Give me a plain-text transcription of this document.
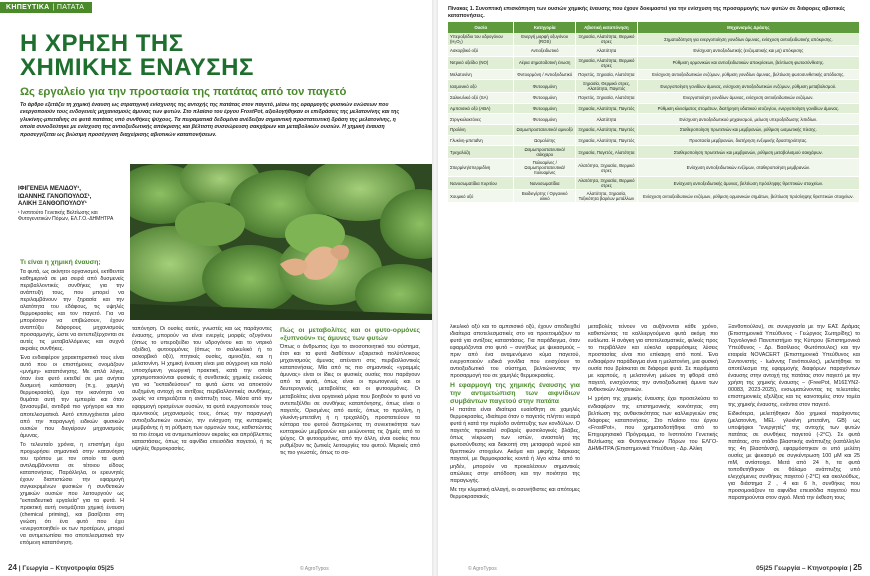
ΚΗΠΕΥΤΙΚΑ | ΠΑΤΑΤΑ
Η ΧΡΗΣΗ ΤΗΣ
ΧΗΜΙΚΗΣ ΕΝΑΥΣΗΣ
Ως εργαλείο για την προστασία της πατάτας από τον παγετό
Το άρθρο εξετάζει τη χημική έναυση ως στρατηγική ενίσχυσης της αντοχής της πατάτας στον παγετό, μέσω της εφαρμογής φυσικών ενώσεων που ενεργοποιούν τους ενδογενείς μηχανισμούς άμυνας των φυτών. Στο πλαίσιο του έργου FrostPot, αξιολογήθηκαν οι επιδράσεις της μελατονίνης και της γλυκίνης-μπεταΐνης σε φυτά πατάτας υπό συνθήκες ψύχους. Τα πειραματικά δεδομένα ανέδειξαν σημαντική προστατευτική δράση της μελατονίνης, η οποία συνοδεύτηκε με ενίσχυση της αντιοξειδωτικής απόκρισης και βέλτιστη συσσώρευση σακχάρων και μεταβολικών ουσιών. Η χημική έναυση προσεγγίζεται ως βιώσιμη προσέγγιση διαχείρισης αβιοτικών καταπονήσεων.
ΙΦΙΓΕΝΕΙΑ ΜΕΛΙΔΟΥ¹,
ΙΩΑΝΝΗΣ ΓΑΝΟΠΟΥΛΟΣ¹,
ΑΛΙΚΗ ΞΑΝΘΟΠΟΥΛΟΥ¹
¹ Ινστιτούτο Γενετικής Βελτίωσης και Φυτογενετικών Πόρων, ΕΛ.Γ.Ο.-ΔΗΜΗΤΡΑ
Τι είναι η χημική έναυση;

Τα φυτά, ως ακίνητοι οργανισμοί, εκτίθενται καθημερινά σε μια σειρά από δυσμενείς περιβαλλοντικές συνθήκες για την ανάπτυξή τους, που μπορεί να περιλαμβάνουν την ξηρασία και την αλατότητα του εδάφους, τις υψηλές θερμοκρασίες και τον παγετό. Για να μπορέσουν να επιβιώσουν, έχουν αναπτύξει διάφορους μηχανισμούς προσαρμογής, ώστε να αντεπεξέρχονται σε αυτές τις μεταβαλλόμενες και συχνά ακραίες συνθήκες.

Ένα ενδιαφέρον χαρακτηριστικό τους είναι αυτό που οι επιστήμονες ονομάζουν «μνήμη» καταπόνησης. Με απλά λόγια, όταν ένα φυτό εκτεθεί σε μια ανήπια δυσμενή κατάσταση (π.χ. χαμηλή θερμοκρασία), έχει την ικανότητα να θυμάται αυτή την εμπειρία και όταν ξανασυμβεί, αντιδρά πιο γρήγορα και πιο αποτελεσματικά. Αυτό επιτυγχάνεται μέσα από την παραγωγή ειδικών φυσικών ουσιών που διεγείρουν μηχανισμούς άμυνας.

Το τελευταίο χρόνια, η επιστήμη έχει προχωρήσει σημαντικά στην κατανόηση του τρόπου με τον οποίο τα φυτά αντιλαμβάνονται σε τέτοιου είδους καταπονήσεις. Παράλληλα, οι ερευνητές έχουν διαπιστώσει την εφαρμογή συγκεκριμένων φυσικών ή συνθετικών χημικών ουσιών που λειτουργούν ως "εκπαιδευτικά εργαλεία" για τα φυτά. Η πρακτική αυτή ονομάζεται χημική έναυση (chemical priming), και βασίζεται στη γνώση ότι ένα φυτό που έχει «ενεργοποιηθεί» εκ των προτέρων, μπορεί να αντιμετωπίσει πιο αποτελεσματικά την επόμενη καταπόνηση.

ταπόνηση. Οι ουσίες αυτές, γνωστές και ως παράγοντες έναυσης, μπορούν να είναι ενεργές μορφές οξυγόνου (όπως το υπεροξείδιο του υδρογόνου και το νιτρικό οξείδιο), φυτοορμόνες (όπως το σαλικυλικό ή το ασκορβικό οξύ), πτητικές ουσίες, αμινοξέα, και η μελατονίνη. Η χημική έναυση είναι μια σύγχρονη και πολύ υποσχόμενη γεωργική πρακτική, κατά την οποία χρησιμοποιούνται φυσικές ή συνθετικές χημικές ενώσεις για να "εκπαιδεύσουν" τα φυτά ώστε να αποκτούν αυξημένη αντοχή σε αντίξοες περιβαλλοντικές συνθήκες, χωρίς να επηρεάζεται η ανάπτυξη τους. Μέσα από την εφαρμογή ορισμένων ουσιών, τα φυτά ενεργοποιούν τους αμυντικούς μηχανισμούς τους, όπως την παραγωγή αντιοξειδωτικών ουσιών, την ενίσχυση της κυτταρικής μεμβράνης ή τη ρύθμιση των ορμονών τους, καθιστώντας τα πιο έτοιμα να αντιμετωπίσουν ακραίες και απρόβλεπτες καταστάσεις, όπως τα αφνίδια επεισόδια παγετού, ή τις υψηλές θερμοκρασίες.

Πώς οι μεταβολίτες και οι φυτο-ορμόνες «ξυπνούν» τις άμυνες των φυτών

Όπως ο άνθρωπος έχει το ανοσοποιητικό του σύστημα, έτσι και τα φυτά διαθέτουν εξαιρετικά πολύπλοκους μηχανισμούς άμυνας απέναντι στις περιβαλλοντικές καταπονήσεις. Μία από τις πιο σημαντικές «γραμμές άμυνας» είναι οι ίδιες οι φυσικές ουσίες που παράγουν από τα φυτά, όπως είναι οι πρωτογενείς και οι δευτερογενείς μεταβολίτες και οι φυτοορμόνες. Οι μεταβολίτες είναι οργανικά μόρια που βοηθούν το φυτό να αντεπεξέλθει σε συνθήκες καταπόνησης, όπως είναι ο παγετός. Ορισμένες από αυτές, όπως το προλίνη, η γλυκίνη-μπεταΐνη ή η τρεχαλόζη, προστατεύουν τα κύτταρα του φυτού διατηρώντας τη συνεκτικότητα των κυτταρικών μεμβρανών και μειώνοντας τις ζημιές από το ψύχος. Οι φυτοορμόνες, από την άλλη, είναι ουσίες που ρυθμίζουν τις ζωτικές λειτουργίες του φυτού. Μερικές από τις πιο γνωστές, όπως το σα-

24 | Γεωργία – Κτηνοτροφία 05|25	© AgroTypos
Πίνακας 1. Συνοπτική επισκόπηση των ουσιών χημικής έναυσης που έχουν δοκιμαστεί για την ενίσχυση της προσαρμογής των φυτών σε διάφορες αβιοτικές καταπονήσεις.
Ουσία	Κατηγορία	Αβιοτική καταπόνηση	Μηχανισμός Δράσης
Υπεροξείδιο του υδρογόνου (H₂O₂)	Ενεργή μορφή οξυγόνου (ROS)	Ξηρασία, Αλατότητα, Θερμικό στρες	Σηματοδότηση για ενεργοποίηση γονιδίων άμυνας, ενίσχυση αντιοξειδωτικής απόκρισης.
Ασκορβικό οξύ	Αντιοξειδωτικό	Αλατότητα	Ενίσχυση αντιοξειδωτικής (ενζυματικής και μη) απόκρισης
Νιτρικό οξείδιο (NO)	Αέρια σηματοδοτική ένωση	Ξηρασία, Αλατότητα, Θερμικό στρες	Ρύθμιση ορμονικών και αντιοξειδωτικών αποκρίσεων, βελτίωση φωτοσύνθεσης.
Μελατονίνη	Φυτοορμόνη / Αντιοξειδωτικό	Παγετός, Ξηρασία, Αλατότητα	Ενίσχυση αντιοξειδωτικών ενζύμων, ρύθμιση γονιδίων άμυνας, βελτίωση φωτοσυνθετικής απόδοσης.
Ιασμονικό οξύ	Φυτοορμόνη	Ξηρασία, Θερμικό στρες, Αλατότητα, Παγετός	Ενεργοποίηση γονιδίων άμυνας, ενίσχυση αντιοξειδωτικών ενζύμων, ρύθμιση μεταβολισμού.
Σαλικυλικό οξύ (SA)	Φυτοορμόνη	Παγετός, Ξηρασία, Αλατότητα	Ενεργοποίηση γονιδίων άμυνας, ενίσχυση αντιοξειδωτικών ενζύμων.
Αμπσισικό οξύ (ABA)	Φυτοορμόνη	Ξηρασία, Αλατότητα, Παγετός	Ρύθμιση κλεισίματος στομάτων, διατήρηση υδατικού ισοζυγίου, ενεργοποίηση γονιδίων άμυνας.
Στριγκολακτόνες	Φυτοορμόνη	Αλατότητα	Ενίσχυση αντιοξειδωτικού μηχανισμού, μείωση υπεροξείδωσης λιπιδίων.
Προλίνη	Ωσμωπροστατευτικό/ αμινοξύ	Ξηρασία, Αλατότητα, Παγετός	Σταθεροποίηση πρωτεϊνών και μεμβρανών, ρύθμιση ωσμωτικής πίεσης.
Γλυκίνη-μπεταΐνη	Ωσμολύτης	Ξηρασία, Αλατότητα, Παγετός	Προστασία μεμβρανών, διατήρηση ενζυμικής δραστηριότητας.
Τρεχαλόζη	Ωσμωπροστατευτικό/σάκχαρο	Ξηρασία, Παγετός, Αλατότητα	Σταθεροποίηση πρωτεϊνών και μεμβρανών, ρύθμιση μεταβολισμού σακχάρων.
Σπερμίνη/σπερμιδίνη	Πολυαμίνες / Ωσμωπροστατευτικά/πολυαμίνες	Αλατότητα, Ξηρασία, Θερμικό στρες	Ενίσχυση αντιοξειδωτικών ενζύμων, σταθεροποίηση μεμβρανών.
Νανοσωματίδια πυριτίου	Νανοσωματίδια	Αλατότητα, Ξηρασία, Θερμικό στρες	Ενίσχυση αντιοξειδωτικής άμυνας, βελτίωση πρόσληψης θρεπτικών στοιχείων.
Χουμικό οξύ	Βιοδιεγέρτης / Οργανικό υλικό	Αλατότητα, Ξηρασία, Τοξικότητα βαρέων μετάλλων	Ενίσχυση αντιοξειδωτικών ενζύμων, ρύθμιση ορμονικών σημάτων, βελτίωση πρόσληψης θρεπτικών στοιχείων.

λικυλικό οξύ και το αμπσισικό οξύ, έχουν αποδειχθεί ιδιαίτερα αποτελεσματικές στο να προετοιμάζουν τα φυτά για αντίξοες καταστάσεις. Για παράδειγμα, όταν εφαρμόζονται στο φυτό – συνήθως με ψεκασμούς – πριν από ένα αναμενόμενο κύμα παγετού, ενεργοποιούν ειδικά γονίδια που ενισχύουν το αντιοξειδωτικό του σύστημα, βελτιώνοντας την προσαρμογή του σε χαμηλές θερμοκρασίες.

Η εφαρμογή της χημικής έναυσης για την αντιμετώπιση των αιφνίδιων συμβάντων παγετού στην πατάτα

Η πατάτα είναι ιδιαίτερα ευαίσθητη σε χαμηλές θερμοκρασίες, ιδιαίτερα όταν ο παγετός πλήττει νεαρά φυτά ή κατά την περίοδο ανάπτυξης των κονδύλων. Ο παγετός προκαλεί σοβαρές φυσιολογικές βλάβες, όπως νέκρωση των ιστών, αναστολή της φωτοσύνθεσης και διακοπή στη μεταφορά νερού και θρεπτικών στοιχείων. Ακόμα και μικρής διάρκειας παγετοί, με θερμοκρασίες κοντά ή λίγο κάτω από το μηδέν, μπορούν να προκαλέσουν σημαντικές απώλειες στην απόδοση και την ποιότητα της παραγωγής.

Με την κλιματική αλλαγή, οι ασυνήθιστες και απότομες θερμοκρασιακές

μεταβολές τείνουν να αυξάνονται κάθε χρόνο, καθιστώντας τα καλλιεργούμενα φυτά ακόμη πιο ευάλωτα. Η ανάγκη για αποτελεσματικές, φιλικές προς το περιβάλλον και εύκολα εφαρμόσιμες λύσεις προστασίας είναι πιο επίκαιρη από ποτέ. Ένα ενδιαφέρον παράδειγμα είναι η μελατονίνη, μια φυσική ουσία που βρίσκεται σε διάφορα φυτά. Σε πειράματα με καρπούς, η μελατονίνη μείωσε τη φθορά από παγετό, ενισχύοντας την αντιοξειδωτική άμυνα των ανθεκτικών λαχανικών.

Η χρήση της χημικής έναυσης έχει προσελκύσει το ενδιαφέρον της επιστημονικής κοινότητας στη βελτίωση της ανθεκτικότητας των καλλιεργειών στις διάφορες καταπονήσεις. Στο πλαίσιο του έργου «FrostPot», που χρηματοδοτήθηκε από το Επιχειρησιακό Πρόγραμμα, το Ινστιτούτο Γενετικής Βελτίωσης και Φυτογενετικών Πόρων του ΕΛΓΟ-ΔΗΜΗΤΡΑ (Επιστημονικά Υπεύθυνη - Δρ. Αλίκη

Ξανθοπούλου), σε συνεργασία με την ΕΑΣ Δράμας (Επιστημονικά Υπεύθυνος - Γεώργιος Σωτηρίδης) το Τεχνολογικό Πανεπιστήμιο της Κύπρου (Επιστημονικά Υπεύθυνος - Δρ. Βασίλειος Φωτόπουλος) και την εταιρεία NOVACERT (Επιστημονικά Υπεύθυνος και Συντονιστής - Ιωάννης Γανόπουλος), μελετήθηκε το αποτέλεσμα της εφαρμογής διαφόρων παραγόντων έναυσης στην αντοχή της πατάτας στον παγετό με την χρήση της χημικής έναυσης – (FreePot, M16ΣΥΝ2-00083, 2023-2025), ενσωματώνοντας τις τελευταίες επιστημονικές εξελίξεις και τις καινοτομίες στον τομέα της χημικής έναυσης, ενάντια στον παγετό.

Ειδικότερα, μελετήθηκαν δύο χημικοί παράγοντες (μελατονίνη, MEL· γλυκίνη μπεταΐνη, GB) ως υποψήφιοι "ενεργητές" της αντοχής των φυτών πατάτας σε συνθήκες παγετού (-2°C). Σε φυτά πατάτας, στο στάδιο βλαστικής ανάπτυξης (κατάλληλο της 4η βλαστάνση), εφαρμόστηκαν οι υπό μελέτη ουσίες με ψεκασμό σε συγκέντρωση 100 μM και 25 mM, αντίστοιχα. Μετά από 24 h, τα φυτά τοποθετήθηκαν σε θάλαμο ανάπτυξης υπό ελεγχόμενες συνθήκες παγετού (-2°C) και ακολούθως, για διάστημα 2 , 4 και 6 h, συνθήκες που προσομοιάζουν τα αιφνίδια επεισόδια παγετού που παρατηρούνται στον αγρό. Μετά την έκθεση τους

© AgroTypos	05|25 Γεωργία – Κτηνοτροφία | 25
